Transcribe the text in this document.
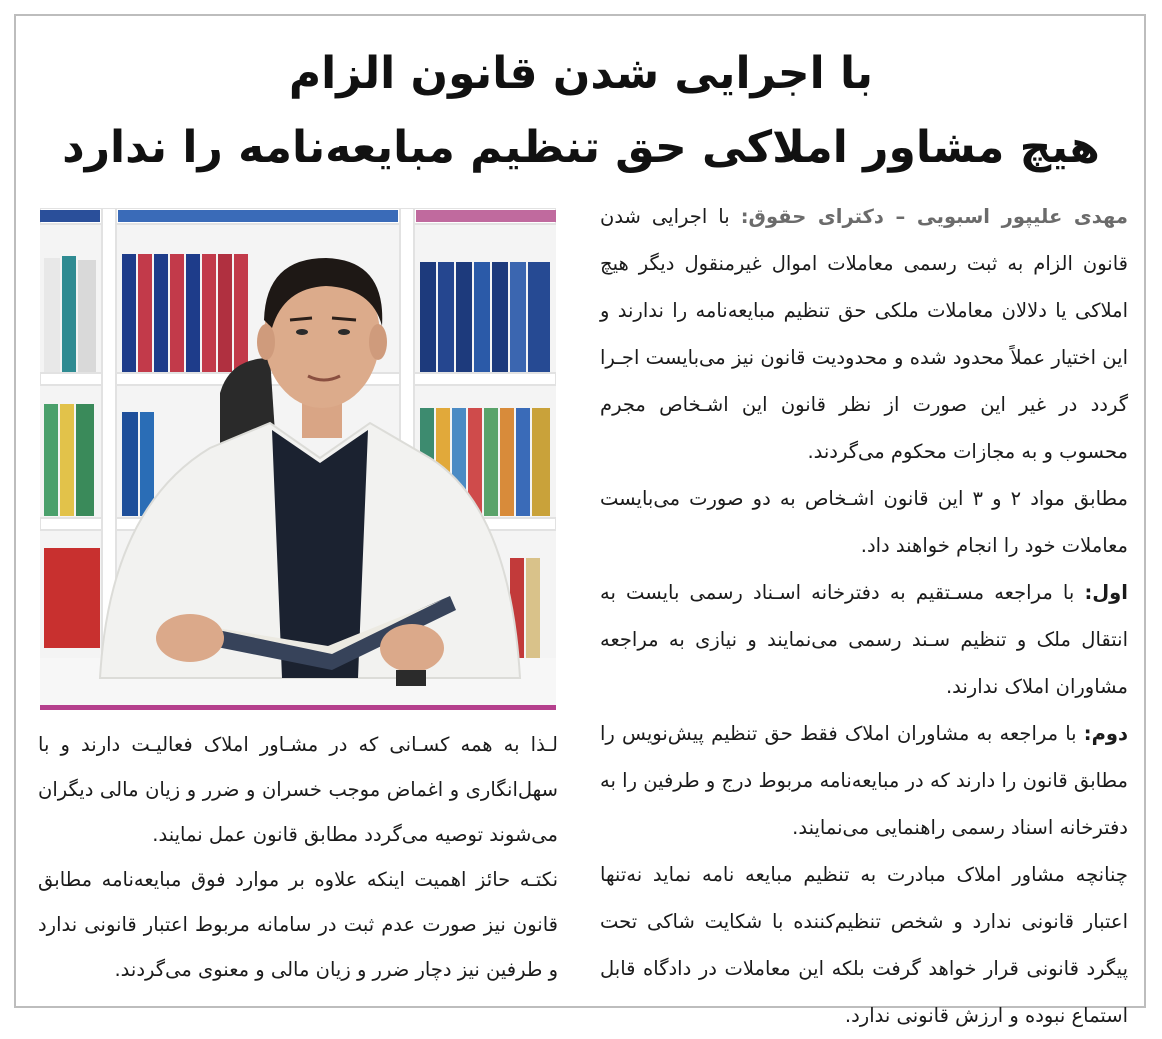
با اجرایی شدن قانون الزام
هیچ مشاور املاکی حق تنظیم مبایعه‌نامه را ندارد

مهدی علیپور اسبویی – دکترای حقوق: با اجرایی شدن قانون الزام به ثبت رسمی معاملات اموال غیرمنقول دیگر هیچ املاکی یا دلالان معاملات ملکی حق تنظیم مبایعه‌نامه را ندارند و این اختیار عملاً محدود شده و محدودیت قانون نیز می‌بایست اجـرا گردد در غیر این صورت از نظر قانون این اشـخاص مجرم محسوب و به مجازات محکوم می‌گردند.

مطابق مواد ۲ و ۳ این قانون اشـخاص به دو صورت می‌بایست معاملات خود را انجام خواهند داد.

اول: با مراجعه مسـتقیم به دفترخانه اسـناد رسمی بایست به انتقال ملک و تنظیم سـند رسمی می‌نمایند و نیازی به مراجعه مشاوران املاک ندارند.

دوم: با مراجعه به مشاوران املاک فقط حق تنظیم پیش‌نویس را مطابق قانون را دارند که در مبایعه‌نامه مربوط درج و طرفین را به دفترخانه اسناد رسمی راهنمایی می‌نمایند.

چنانچه مشاور املاک مبادرت به تنظیم مبایعه نامه نماید نه‌تنها اعتبار قانونی ندارد و شخص تنظیم‌کننده با شکایت شاکی تحت پیگرد قانونی قرار خواهد گرفت بلکه این معاملات در دادگاه قابل استماع نبوده و ارزش قانونی ندارد.

لـذا به همه کسـانی که در مشـاور املاک فعالیـت دارند و با سهل‌انگاری و اغماض موجب خسران و ضرر و زیان مالی دیگران می‌شوند توصیه می‌گردد مطابق قانون عمل نمایند.

نکتـه حائز اهمیت اینکه علاوه بر موارد فوق مبایعه‌نامه مطابق قانون نیز صورت عدم ثبت در سامانه مربوط اعتبار قانونی ندارد و طرفین نیز دچار ضرر و زیان مالی و معنوی می‌گردند.
